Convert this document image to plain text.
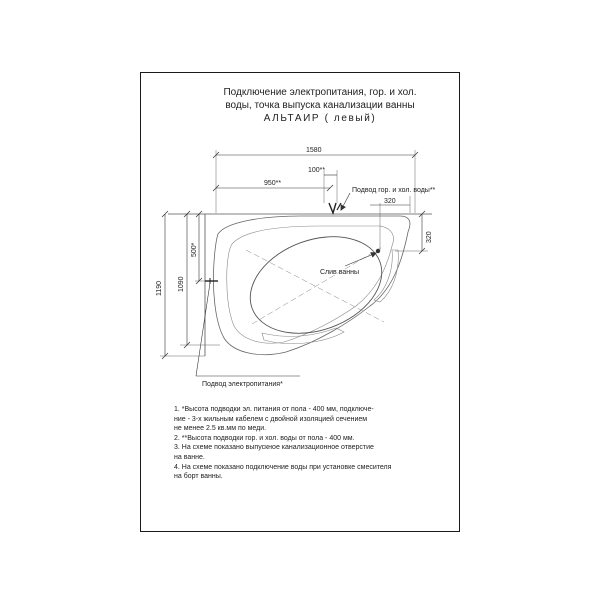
Подключение электропитания, гор. и хол.
воды, точка выпуска канализации ванны
АЛЬТАИР ( левый)
Слив ванны
Подвод гор. и хол. воды**
Подвод электропитания*
1580
100**
950**
320
320
500*
1090
1190
1. *Высота подводки эл. питания от пола - 400 мм, подключе-
ние - 3-х жильным кабелем с двойной изоляцией сечением
не менее 2.5 кв.мм по меди.
2. **Высота подводки гор. и хол. воды от пола - 400 мм.
3. На схеме показано выпускное канализационное отверстие
на ванне.
4. На схеме показано подключение воды при установке смесителя
на борт ванны.
